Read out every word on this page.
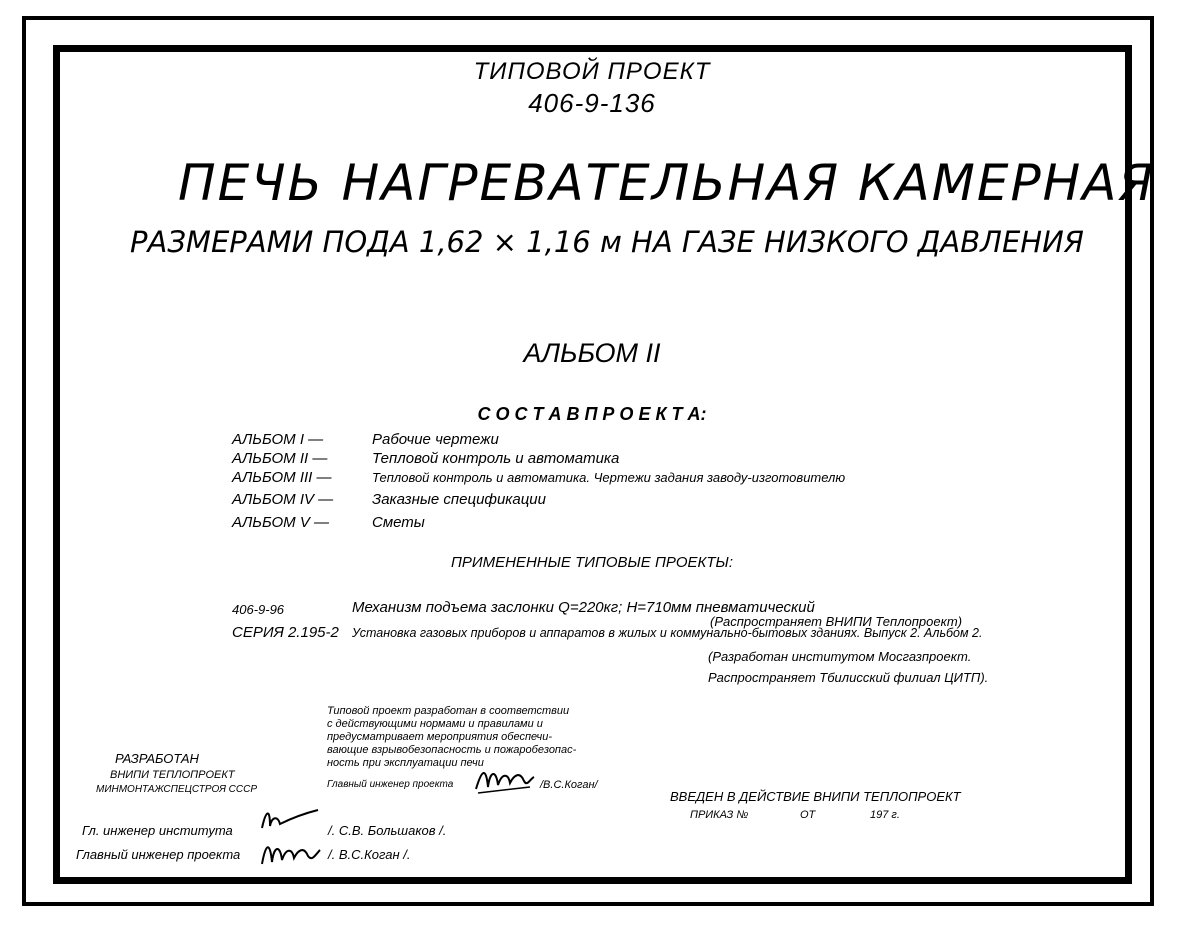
ТИПОВОЙ ПРОЕКТ
406-9-136
ПЕЧЬ НАГРЕВАТЕЛЬНАЯ КАМЕРНАЯ
РАЗМЕРАМИ ПОДА 1,62 × 1,16 м НА ГАЗЕ НИЗКОГО ДАВЛЕНИЯ
АЛЬБОМ II
С О С Т А В П Р О Е К Т А:
АЛЬБОМ I —	Рабочие чертежи
АЛЬБОМ II —	Тепловой контроль и автоматика
АЛЬБОМ III —	Тепловой контроль и автоматика. Чертежи задания заводу-изготовителю
АЛЬБОМ IV —	Заказные спецификации
АЛЬБОМ V —	Сметы
ПРИМЕНЕННЫЕ ТИПОВЫЕ ПРОЕКТЫ:
406-9-96	Механизм подъема заслонки Q=220кг; H=710мм пневматический
(Распространяет ВНИПИ Теплопроект)
СЕРИЯ 2.195-2 Установка газовых приборов и аппаратов в жилых и коммунально-бытовых зданиях. Выпуск 2. Альбом 2.
(Разработан институтом Мосгазпроект.
Распространяет Тбилисский филиал ЦИТП).
Типовой проект разработан в соответствии
с действующими нормами и правилами и
предусматривает мероприятия обеспечи-
вающие взрывобезопасность и пожаробезопас-
ность при эксплуатации печи
Главный инженер проекта	/В.С.Коган/
РАЗРАБОТАН
ВНИПИ ТЕПЛОПРОЕКТ
МИНМОНТАЖСПЕЦСТРОЯ СССР
Гл. инженер института	/. С.В. Большаков /.
Главный инженер проекта	/. В.С.Коган /.
ВВЕДЕН В ДЕЙСТВИЕ ВНИПИ ТЕПЛОПРОЕКТ
ПРИКАЗ №	ОТ	197 г.
